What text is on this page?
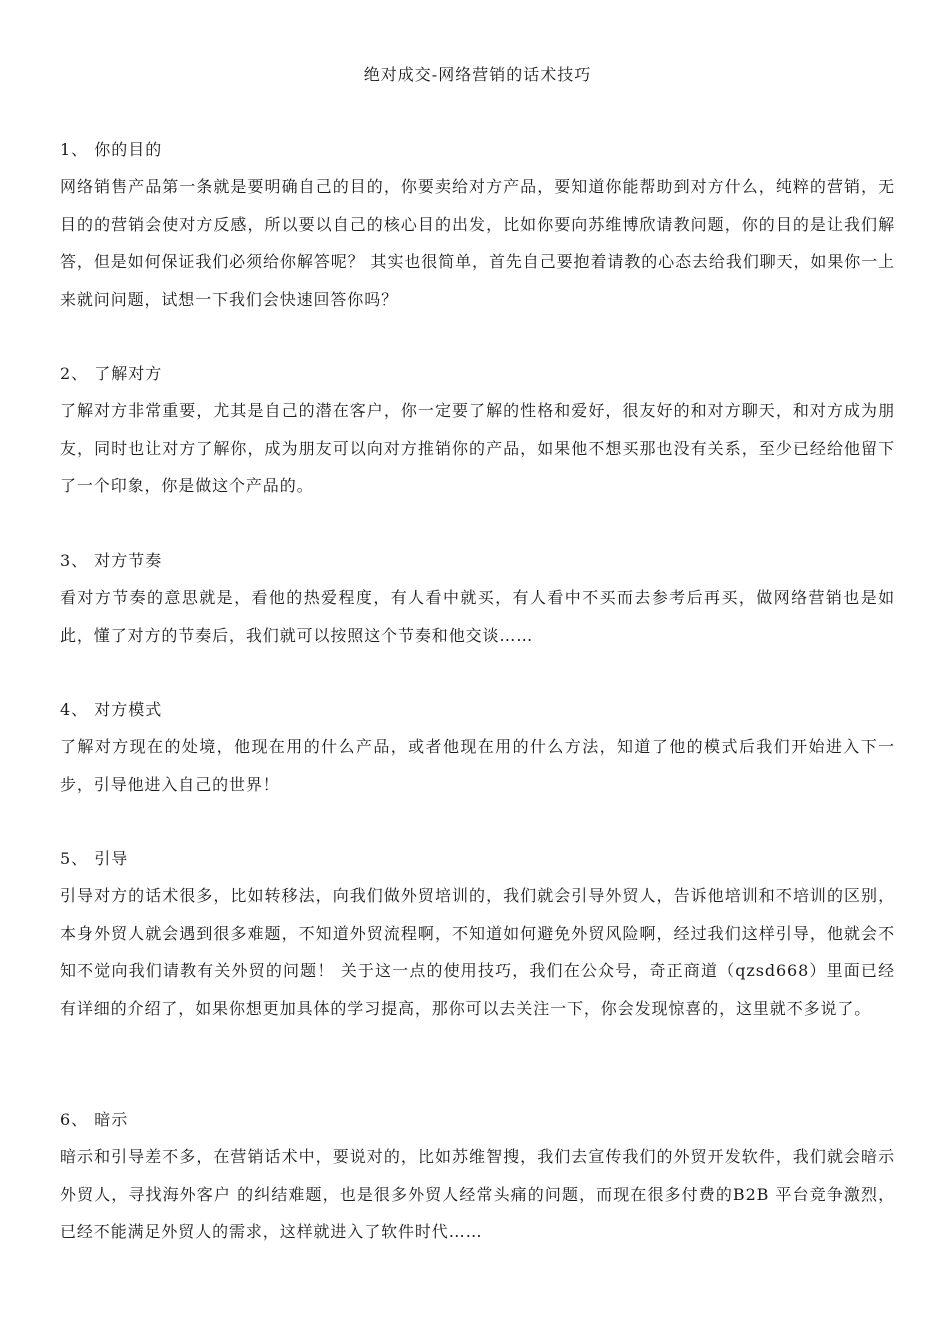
绝对成交-网络营销的话术技巧

1、 你的目的

网络销售产品第一条就是要明确自己的目的，你要卖给对方产品，要知道你能帮助到对方什么，纯粹的营销，无目的的营销会使对方反感，所以要以自己的核心目的出发，比如你要向苏维博欣请教问题，你的目的是让我们解答，但是如何保证我们必须给你解答呢？ 其实也很简单，首先自己要抱着请教的心态去给我们聊天，如果你一上来就问问题，试想一下我们会快速回答你吗？

2、 了解对方

了解对方非常重要，尤其是自己的潜在客户，你一定要了解的性格和爱好，很友好的和对方聊天，和对方成为朋友，同时也让对方了解你，成为朋友可以向对方推销你的产品，如果他不想买那也没有关系，至少已经给他留下了一个印象，你是做这个产品的。

3、 对方节奏

看对方节奏的意思就是，看他的热爱程度，有人看中就买，有人看中不买而去参考后再买，做网络营销也是如此，懂了对方的节奏后，我们就可以按照这个节奏和他交谈……

4、 对方模式

了解对方现在的处境，他现在用的什么产品，或者他现在用的什么方法，知道了他的模式后我们开始进入下一步，引导他进入自己的世界！

5、 引导

引导对方的话术很多，比如转移法，向我们做外贸培训的，我们就会引导外贸人，告诉他培训和不培训的区别，本身外贸人就会遇到很多难题，不知道外贸流程啊，不知道如何避免外贸风险啊，经过我们这样引导，他就会不知不觉向我们请教有关外贸的问题！ 关于这一点的使用技巧，我们在公众号，奇正商道（qzsd668）里面已经有详细的介绍了，如果你想更加具体的学习提高，那你可以去关注一下，你会发现惊喜的，这里就不多说了。

6、 暗示

暗示和引导差不多，在营销话术中，要说对的，比如苏维智搜，我们去宣传我们的外贸开发软件，我们就会暗示外贸人，寻找海外客户 的纠结难题，也是很多外贸人经常头痛的问题，而现在很多付费的B2B 平台竞争激烈，已经不能满足外贸人的需求，这样就进入了软件时代……
